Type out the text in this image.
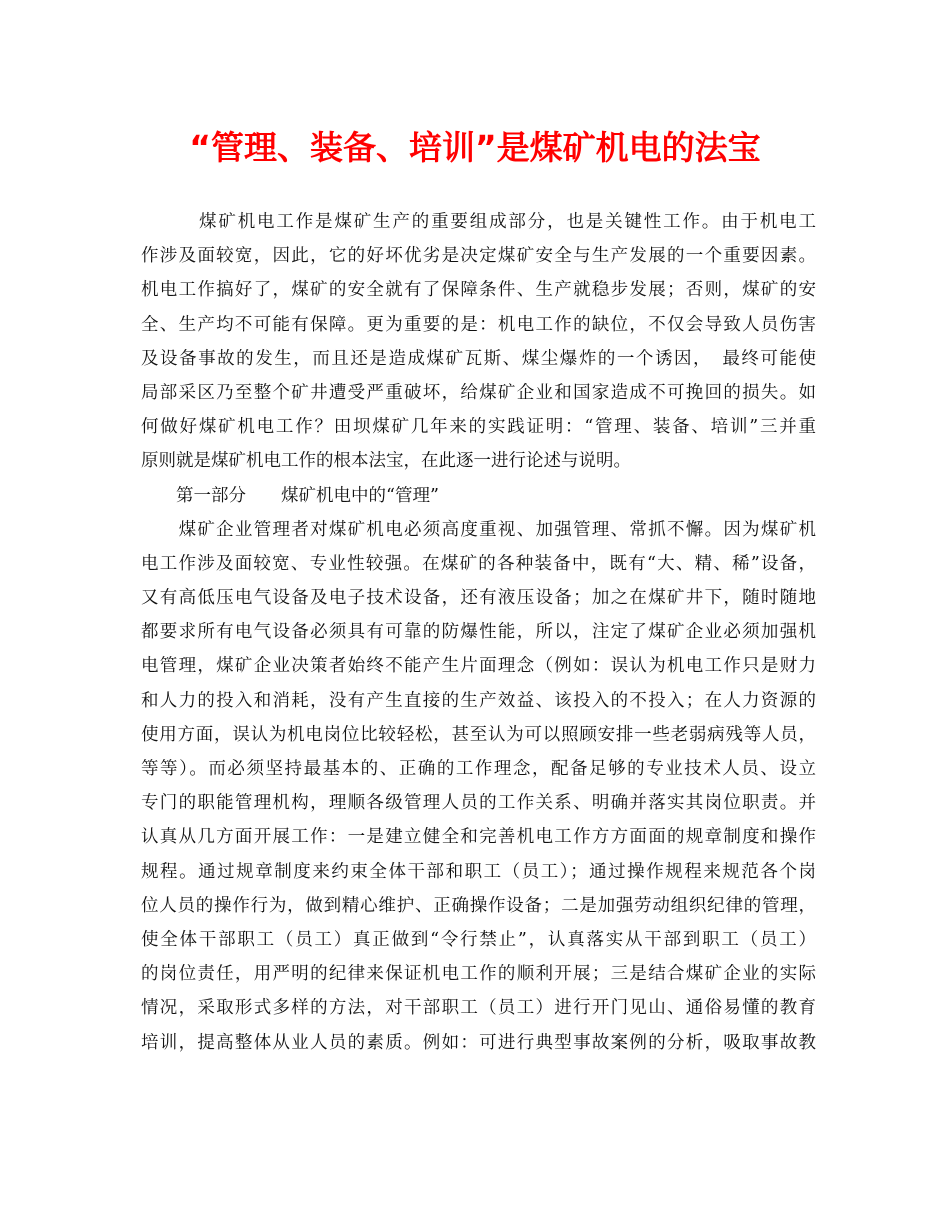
“管理、装备、培训”是煤矿机电的法宝
　　　煤矿机电工作是煤矿生产的重要组成部分，也是关键性工作。由于机电工
作涉及面较宽，因此，它的好坏优劣是决定煤矿安全与生产发展的一个重要因素。
机电工作搞好了，煤矿的安全就有了保障条件、生产就稳步发展；否则，煤矿的安
全、生产均不可能有保障。更为重要的是：机电工作的缺位，不仅会导致人员伤害
及设备事故的发生，而且还是造成煤矿瓦斯、煤尘爆炸的一个诱因，　最终可能使
局部采区乃至整个矿井遭受严重破坏，给煤矿企业和国家造成不可挽回的损失。如
何做好煤矿机电工作？田坝煤矿几年来的实践证明：“管理、装备、培训”三并重
原则就是煤矿机电工作的根本法宝，在此逐一进行论述与说明。
第一部分　　煤矿机电中的“管理”
　　煤矿企业管理者对煤矿机电必须高度重视、加强管理、常抓不懈。因为煤矿机
电工作涉及面较宽、专业性较强。在煤矿的各种装备中，既有“大、精、稀”设备，
又有高低压电气设备及电子技术设备，还有液压设备；加之在煤矿井下，随时随地
都要求所有电气设备必须具有可靠的防爆性能，所以，注定了煤矿企业必须加强机
电管理，煤矿企业决策者始终不能产生片面理念（例如：误认为机电工作只是财力
和人力的投入和消耗，没有产生直接的生产效益、该投入的不投入；在人力资源的
使用方面，误认为机电岗位比较轻松，甚至认为可以照顾安排一些老弱病残等人员，
等等）。而必须坚持最基本的、正确的工作理念，配备足够的专业技术人员、设立
专门的职能管理机构，理顺各级管理人员的工作关系、明确并落实其岗位职责。并
认真从几方面开展工作：一是建立健全和完善机电工作方方面面的规章制度和操作
规程。通过规章制度来约束全体干部和职工（员工）；通过操作规程来规范各个岗
位人员的操作行为，做到精心维护、正确操作设备；二是加强劳动组织纪律的管理，
使全体干部职工（员工）真正做到“令行禁止”，认真落实从干部到职工（员工）
的岗位责任，用严明的纪律来保证机电工作的顺利开展；三是结合煤矿企业的实际
情况，采取形式多样的方法，对干部职工（员工）进行开门见山、通俗易懂的教育
培训，提高整体从业人员的素质。例如：可进行典型事故案例的分析，吸取事故教
